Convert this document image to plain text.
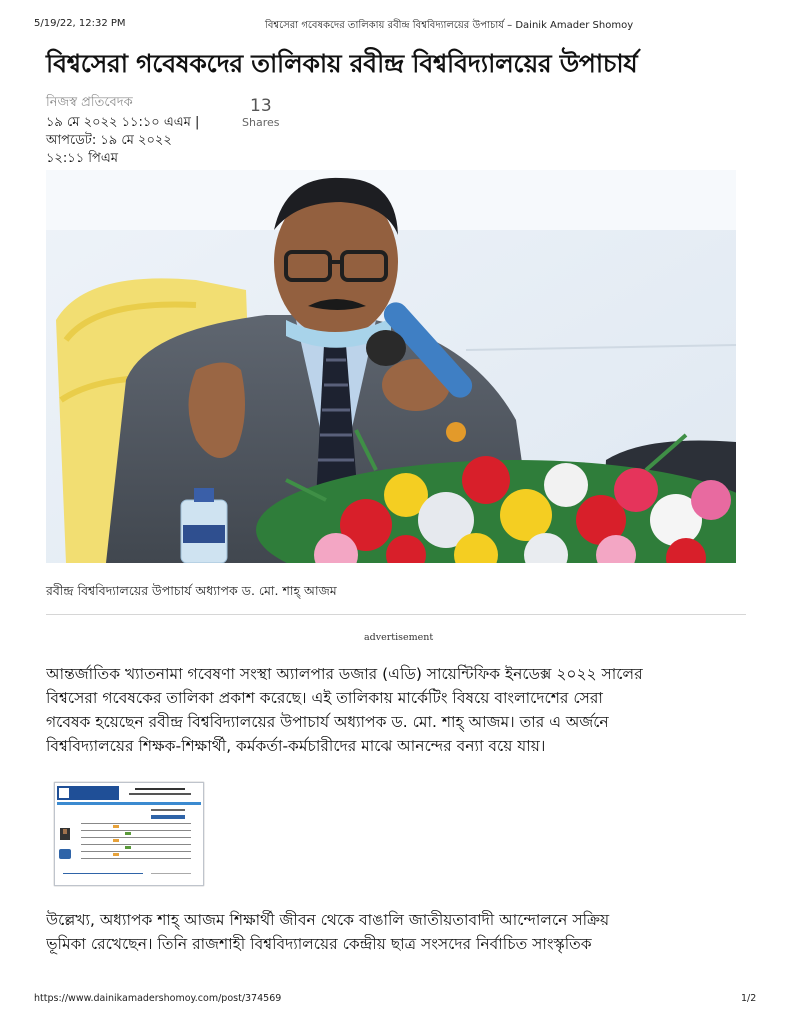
5/19/22, 12:32 PM	বিশ্বসেরা গবেষকদের তালিকায় রবীন্দ্র বিশ্ববিদ্যালয়ের উপাচার্য – Dainik Amader Shomoy
বিশ্বসেরা গবেষকদের তালিকায় রবীন্দ্র বিশ্ববিদ্যালয়ের উপাচার্য
নিজস্ব প্রতিবেদক
১৯ মে ২০২২ ১১:১০ এএম |
আপডেট: ১৯ মে ২০২২
১২:১১ পিএম
13
Shares
রবীন্দ্র বিশ্ববিদ্যালয়ের উপাচার্য অধ্যাপক ড. মো. শাহ্ আজম
advertisement
আন্তর্জাতিক খ্যাতনামা গবেষণা সংস্থা অ্যালপার ডজার (এডি) সায়েন্টিফিক ইনডেক্স ২০২২ সালের
বিশ্বসেরা গবেষকের তালিকা প্রকাশ করেছে। এই তালিকায় মার্কেটিং বিষয়ে বাংলাদেশের সেরা
গবেষক হয়েছেন রবীন্দ্র বিশ্ববিদ্যালয়ের উপাচার্য অধ্যাপক ড. মো. শাহ্ আজম। তার এ অর্জনে
বিশ্ববিদ্যালয়ের শিক্ষক-শিক্ষার্থী, কর্মকর্তা-কর্মচারীদের মাঝে আনন্দের বন্যা বয়ে যায়।
উল্লেখ্য, অধ্যাপক শাহ্ আজম শিক্ষার্থী জীবন থেকে বাঙালি জাতীয়তাবাদী আন্দোলনে সক্রিয়
ভূমিকা রেখেছেন। তিনি রাজশাহী বিশ্ববিদ্যালয়ের কেন্দ্রীয় ছাত্র সংসদের নির্বাচিত সাংস্কৃতিক
https://www.dainikamadershomoy.com/post/374569	1/2
